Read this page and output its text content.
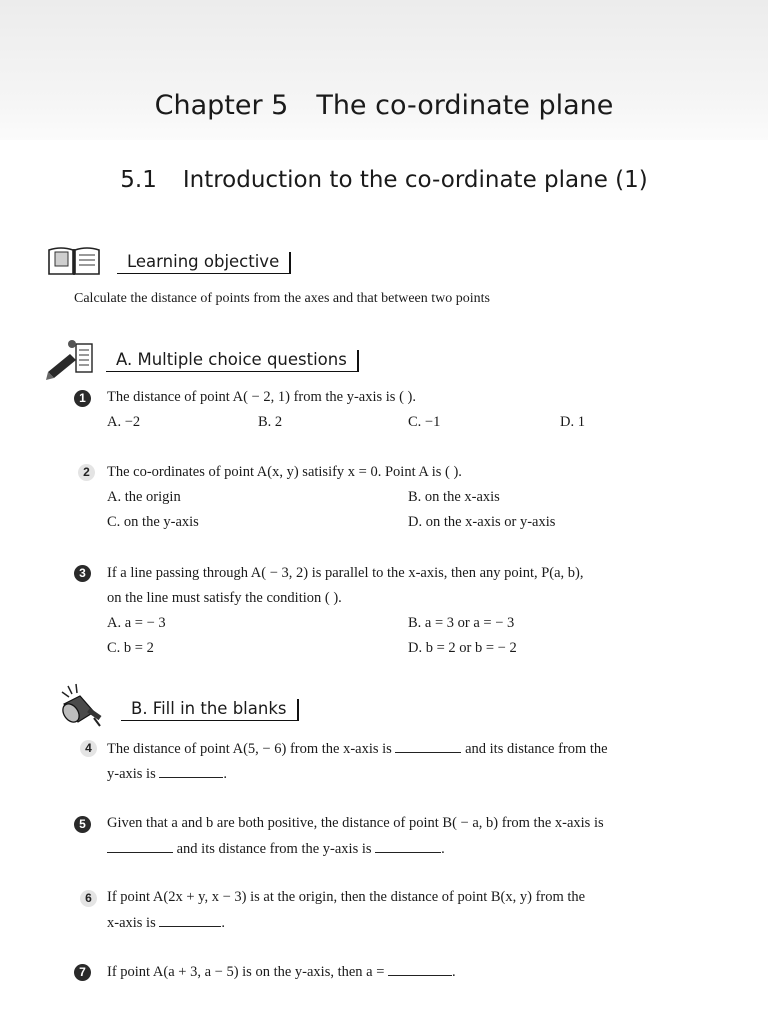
Chapter 5 The co-ordinate plane
5.1 Introduction to the co-ordinate plane (1)
Learning objective
Calculate the distance of points from the axes and that between two points
A. Multiple choice questions
1	The distance of point A( − 2, 1) from the y-axis is ( ).
A. −2	B. 2	C. −1	D. 1
2	The co-ordinates of point A(x, y) satisify x = 0. Point A is ( ).
A. the origin	B. on the x-axis
C. on the y-axis	D. on the x-axis or y-axis
3	If a line passing through A( − 3, 2) is parallel to the x-axis, then any point, P(a, b),
on the line must satisfy the condition ( ).
A. a = − 3	B. a = 3 or a = − 3
C. b = 2	D. b = 2 or b = − 2
B. Fill in the blanks
4	The distance of point A(5, − 6) from the x-axis is	and its distance from the
y-axis is	.
5	Given that a and b are both positive, the distance of point B( − a, b) from the x-axis is
and its distance from the y-axis is	.
6	If point A(2x + y, x − 3) is at the origin, then the distance of point B(x, y) from the
x-axis is	.
7	If point A(a + 3, a − 5) is on the y-axis, then a =	.
